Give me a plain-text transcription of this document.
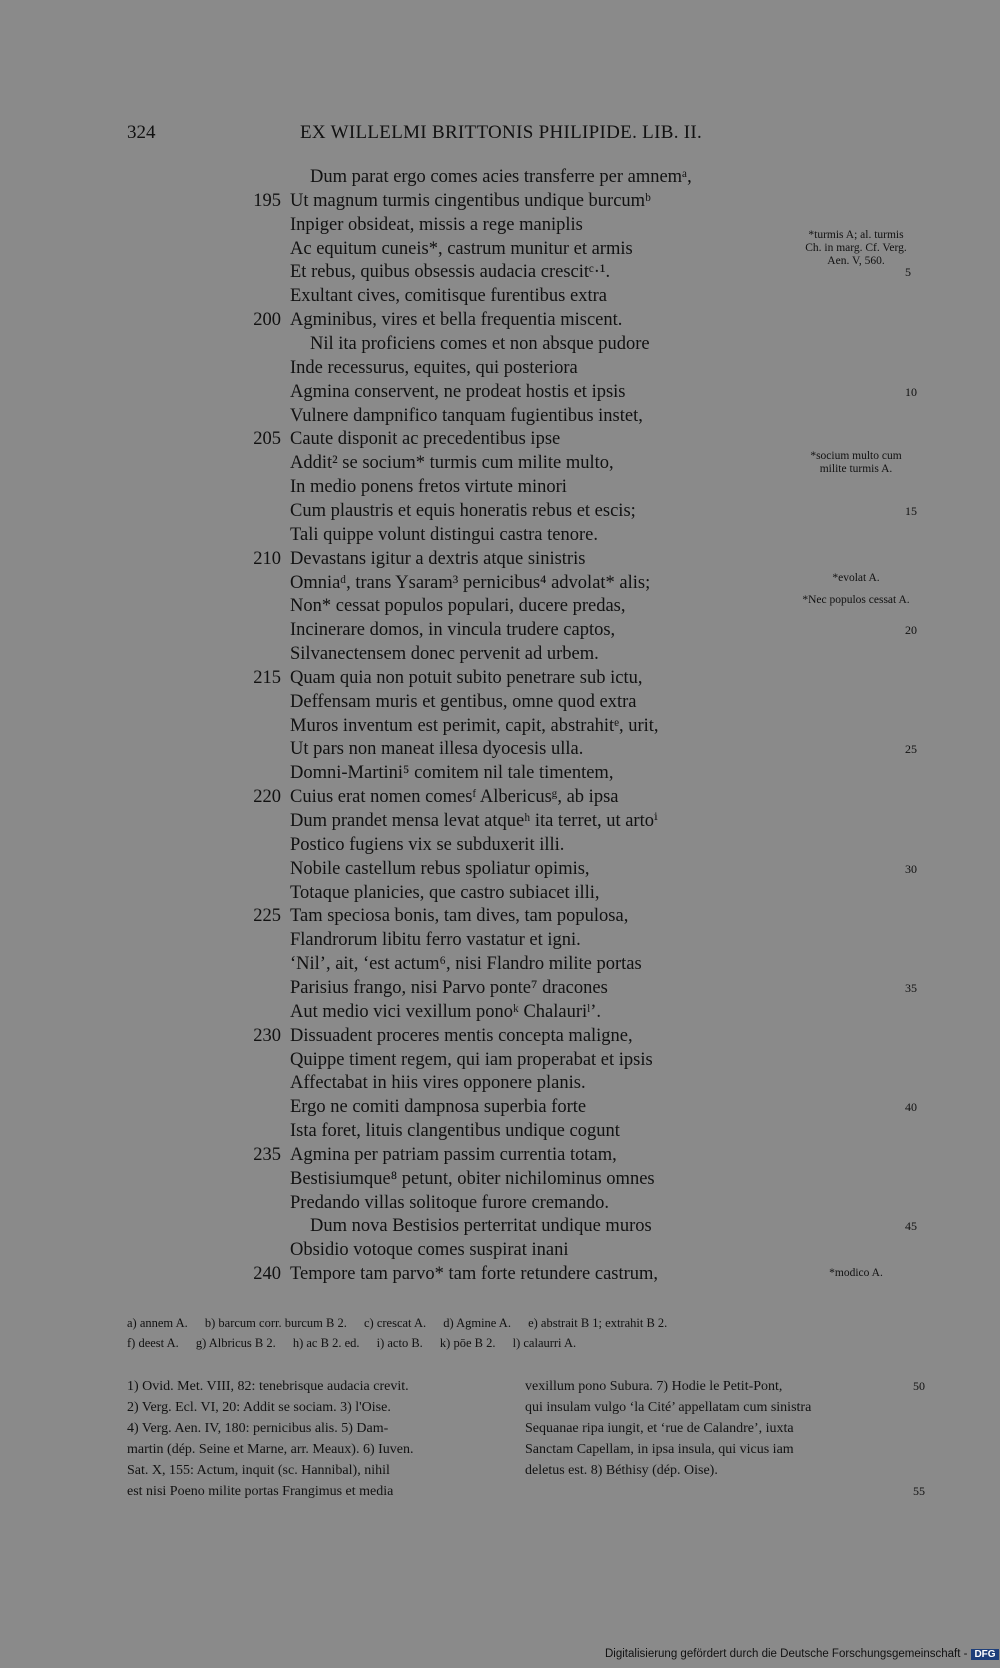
324	EX WILLELMI BRITTONIS PHILIPIDE. LIB. II.
Dum parat ergo comes acies transferre per amnemᵃ,
195 Ut magnum turmis cingentibus undique burcumᵇ
Inpiger obsideat, missis a rege maniplis
Ac equitum cuneis*, castrum munitur et armis
Et rebus, quibus obsessis audacia crescitᶜ·¹.	5
Exultant cives, comitisque furentibus extra
200 Agminibus, vires et bella frequentia miscent.
Nil ita proficiens comes et non absque pudore
Inde recessurus, equites, qui posteriora
Agmina conservent, ne prodeat hostis et ipsis	10
Vulnere dampnifico tanquam fugientibus instet,
205 Caute disponit ac precedentibus ipse
Addit² se socium* turmis cum milite multo,
In medio ponens fretos virtute minori
Cum plaustris et equis honeratis rebus et escis;	15
Tali quippe volunt distingui castra tenore.
210 Devastans igitur a dextris atque sinistris
Omniaᵈ, trans Ysaram³ pernicibus⁴ advolat* alis;
Non* cessat populos populari, ducere predas,
Incinerare domos, in vincula trudere captos,	20
Silvanectensem donec pervenit ad urbem.
215 Quam quia non potuit subito penetrare sub ictu,
Deffensam muris et gentibus, omne quod extra
Muros inventum est perimit, capit, abstrahitᵉ, urit,
Ut pars non maneat illesa dyocesis ulla.	25
Domni-Martini⁵ comitem nil tale timentem,
220 Cuius erat nomen comesᶠ Albericusᵍ, ab ipsa
Dum prandet mensa levat atqueʰ ita terret, ut artoⁱ
Postico fugiens vix se subduxerit illi.
Nobile castellum rebus spoliatur opimis,	30
Totaque planicies, que castro subiacet illi,
225 Tam speciosa bonis, tam dives, tam populosa,
Flandrorum libitu ferro vastatur et igni.
‘Nil’, ait, ‘est actum⁶, nisi Flandro milite portas
Parisius frango, nisi Parvo ponte⁷ dracones	35
Aut medio vici vexillum ponoᵏ Chalauriˡ’.
230 Dissuadent proceres mentis concepta maligne,
Quippe timent regem, qui iam properabat et ipsis
Affectabat in hiis vires opponere planis.
Ergo ne comiti dampnosa superbia forte	40
Ista foret, lituis clangentibus undique cogunt
235 Agmina per patriam passim currentia totam,
Bestisiumque⁸ petunt, obiter nichilominus omnes
Predando villas solitoque furore cremando.
Dum nova Bestisios perterritat undique muros	45
Obsidio votoque comes suspirat inani
240 Tempore tam parvo* tam forte retundere castrum,
*turmis A; al. turmis Ch. in marg. Cf. Verg. Aen. V, 560.
*socium multo cum milite turmis A.
*evolat A.
*Nec populos cessat A.
*modico A.
a) annem A. b) barcum corr. burcum B 2. c) crescat A. d) Agmine A. e) abstrait B 1; extrahit B 2.
f) deest A. g) Albricus B 2. h) ac B 2. ed. i) acto B. k) pōe B 2. l) calaurri A.
1) Ovid. Met. VIII, 82: tenebrisque audacia crevit.
2) Verg. Ecl. VI, 20: Addit se sociam. 3) l'Oise.
4) Verg. Aen. IV, 180: pernicibus alis. 5) Dam-
martin (dép. Seine et Marne, arr. Meaux). 6) Iuven.
Sat. X, 155: Actum, inquit (sc. Hannibal), nihil
est nisi Poeno milite portas Frangimus et media
vexillum pono Subura. 7) Hodie le Petit-Pont,
qui insulam vulgo ‘la Cité’ appellatam cum sinistra
Sequanae ripa iungit, et ‘rue de Calandre’, iuxta
Sanctam Capellam, in ipsa insula, qui vicus iam
deletus est. 8) Béthisy (dép. Oise).
50
55
Digitalisierung gefördert durch die Deutsche Forschungsgemeinschaft - DFG
